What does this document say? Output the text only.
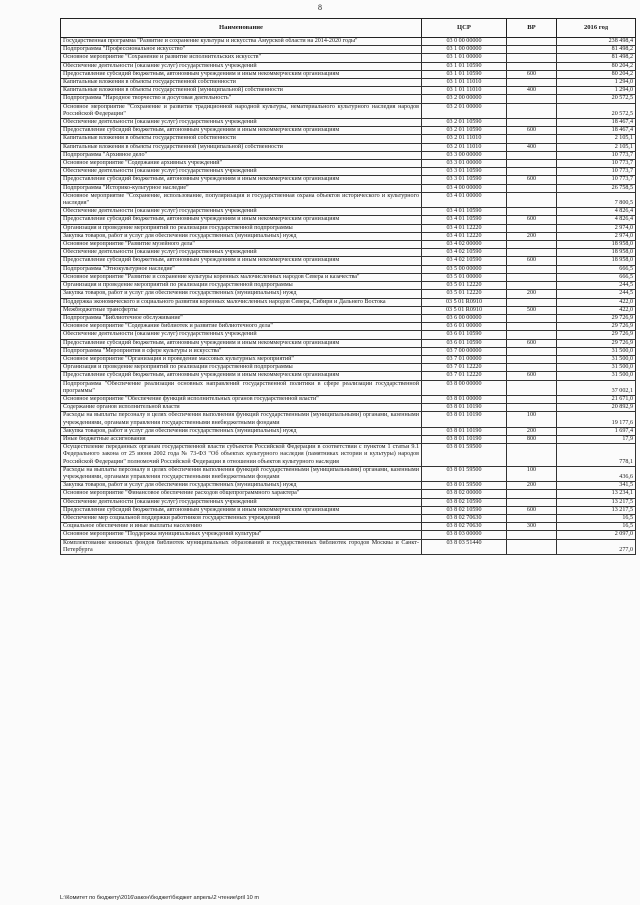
8
Наименование	ЦСР	ВР	2016 год
Государственная программа "Развитие и сохранение культуры и искусства Амурской области на 2014-2020 годы"	03 0 00 00000		238 498,4
Подпрограмма "Профессиональное искусство"	03 1 00 00000		81 498,2
Основное мероприятие "Сохранение и развитие исполнительских искусств"	03 1 01 00000		81 498,2
Обеспечение деятельности (оказание услуг) государственных учреждений	03 1 01 10590		80 204,2
Предоставление субсидий бюджетным, автономным учреждениям и иным некоммерческим организациям	03 1 01 10590	600	80 204,2
Капитальные вложения в объекты государственной собственности	03 1 01 11010		1 294,0
Капитальные вложения в объекты государственной (муниципальной) собственности	03 1 01 11010	400	1 294,0
Подпрограмма "Народное творчество и досуговая деятельность"	03 2 00 00000		20 572,5
Основное мероприятие "Сохранение и развитие традиционной народной культуры, нематериального культурного наследия народов Российской Федерации"	03 2 01 00000		20 572,5
Обеспечение деятельности (оказание услуг) государственных учреждений	03 2 01 10590		18 467,4
Предоставление субсидий бюджетным, автономным учреждениям и иным некоммерческим организациям	03 2 01 10590	600	18 467,4
Капитальные вложения в объекты государственной собственности	03 2 01 11010		2 105,1
Капитальные вложения в объекты государственной (муниципальной) собственности	03 2 01 11010	400	2 105,1
Подпрограмма "Архивное дело"	03 3 00 00000		10 773,7
Основное мероприятие "Содержание архивных учреждений"	03 3 01 00000		10 773,7
Обеспечение деятельности (оказание услуг) государственных учреждений	03 3 01 10590		10 773,7
Предоставление субсидий бюджетным, автономным учреждениям и иным некоммерческим организациям	03 3 01 10590	600	10 773,7
Подпрограмма "Историко-культурное наследие"	03 4 00 00000		26 758,5
Основное мероприятие "Сохранение, использование, популяризация и государственная охрана объектов исторического и культурного наследия"	03 4 01 00000		7 800,5
Обеспечение деятельности (оказание услуг) государственных учреждений	03 4 01 10590		4 826,4
Предоставление субсидий бюджетным, автономным учреждениям и иным некоммерческим организациям	03 4 01 10590	600	4 826,4
Организация и проведение мероприятий по реализации государственной подпрограммы	03 4 01 12220		2 974,0
Закупка товаров, работ и услуг для обеспечения государственных (муниципальных) нужд	03 4 01 12220	200	2 974,0
Основное мероприятие "Развитие музейного дела"	03 4 02 00000		18 958,0
Обеспечение деятельности (оказание услуг) государственных учреждений	03 4 02 10590		18 958,0
Предоставление субсидий бюджетным, автономным учреждениям и иным некоммерческим организациям	03 4 02 10590	600	18 958,0
Подпрограмма "Этнокультурное наследие"	03 5 00 00000		666,5
Основное мероприятие "Развитие и сохранение культуры коренных малочисленных народов Севера и казачества"	03 5 01 00000		666,5
Организация и проведение мероприятий по реализации государственной подпрограммы	03 5 01 12220		244,5
Закупка товаров, работ и услуг для обеспечения государственных (муниципальных) нужд	03 5 01 12220	200	244,5
Поддержка экономического и социального развития коренных малочисленных народов Севера, Сибири и Дальнего Востока	03 5 01 R0910		422,0
Межбюджетные трансферты	03 5 01 R0910	500	422,0
Подпрограмма "Библиотечное обслуживание"	03 6 00 00000		29 726,9
Основное мероприятие "Содержание библиотек и развитие библиотечного дела"	03 6 01 00000		29 726,9
Обеспечение деятельности (оказание услуг) государственных учреждений	03 6 01 10590		29 726,9
Предоставление субсидий бюджетным, автономным учреждениям и иным некоммерческим организациям	03 6 01 10590	600	29 726,9
Подпрограмма "Мероприятия в сфере культуры и искусства"	03 7 00 00000		31 500,0
Основное мероприятие "Организация и проведение массовых культурных мероприятий"	03 7 01 00000		31 500,0
Организация и проведение мероприятий по реализации государственной подпрограммы	03 7 01 12220		31 500,0
Предоставление субсидий бюджетным, автономным учреждениям и иным некоммерческим организациям	03 7 01 12220	600	31 500,0
Подпрограмма "Обеспечение реализации основных направлений государственной политики в сфере реализации государственной программы"	03 8 00 00000		37 002,1
Основное мероприятие "Обеспечение функций исполнительных органов государственной власти"	03 8 01 00000		21 671,0
Содержание органов исполнительной власти	03 8 01 10190		20 892,9
Расходы на выплаты персоналу в целях обеспечения выполнения функций государственными (муниципальными) органами, казенными учреждениями, органами управления государственными внебюджетными фондами	03 8 01 10190	100	19 177,6
Закупка товаров, работ и услуг для обеспечения государственных (муниципальных) нужд	03 8 01 10190	200	1 697,4
Иные бюджетные ассигнования	03 8 01 10190	800	17,9
Осуществление переданных органам государственной власти субъектов Российской Федерации в соответствии с пунктом 1 статьи 9.1 Федерального закона от 25 июня 2002 года № 73-ФЗ "Об объектах культурного наследия (памятниках истории и культуры) народов Российской Федерации" полномочий Российской Федерации в отношении объектов культурного наследия	03 8 01 59500		778,1
Расходы на выплаты персоналу в целях обеспечения выполнения функций государственными (муниципальными) органами, казенными учреждениями, органами управления государственными внебюджетными фондами	03 8 01 59500	100	436,6
Закупка товаров, работ и услуг для обеспечения государственных (муниципальных) нужд	03 8 01 59500	200	341,5
Основное мероприятие "Финансовое обеспечение расходов общепрограммного характера"	03 8 02 00000		13 234,1
Обеспечение деятельности (оказание услуг) государственных учреждений	03 8 02 10590		13 217,5
Предоставление субсидий бюджетным, автономным учреждениям и иным некоммерческим организациям	03 8 02 10590	600	13 217,5
Обеспечение мер социальной поддержки работников государственных учреждений	03 8 02 70630		16,5
Социальное обеспечение и иные выплаты населению	03 8 02 70630	300	16,5
Основное мероприятие "Поддержка муниципальных учреждений культуры"	03 8 03 00000		2 097,0
Комплектование книжных фондов библиотек муниципальных образований и государственных библиотек городов Москвы и Санкт-Петербурга	03 8 03 51440		277,0
L:\Комитет по бюджету\2016\закон\бюджет\бюджет апрель\2 чтение\pril 10 m
